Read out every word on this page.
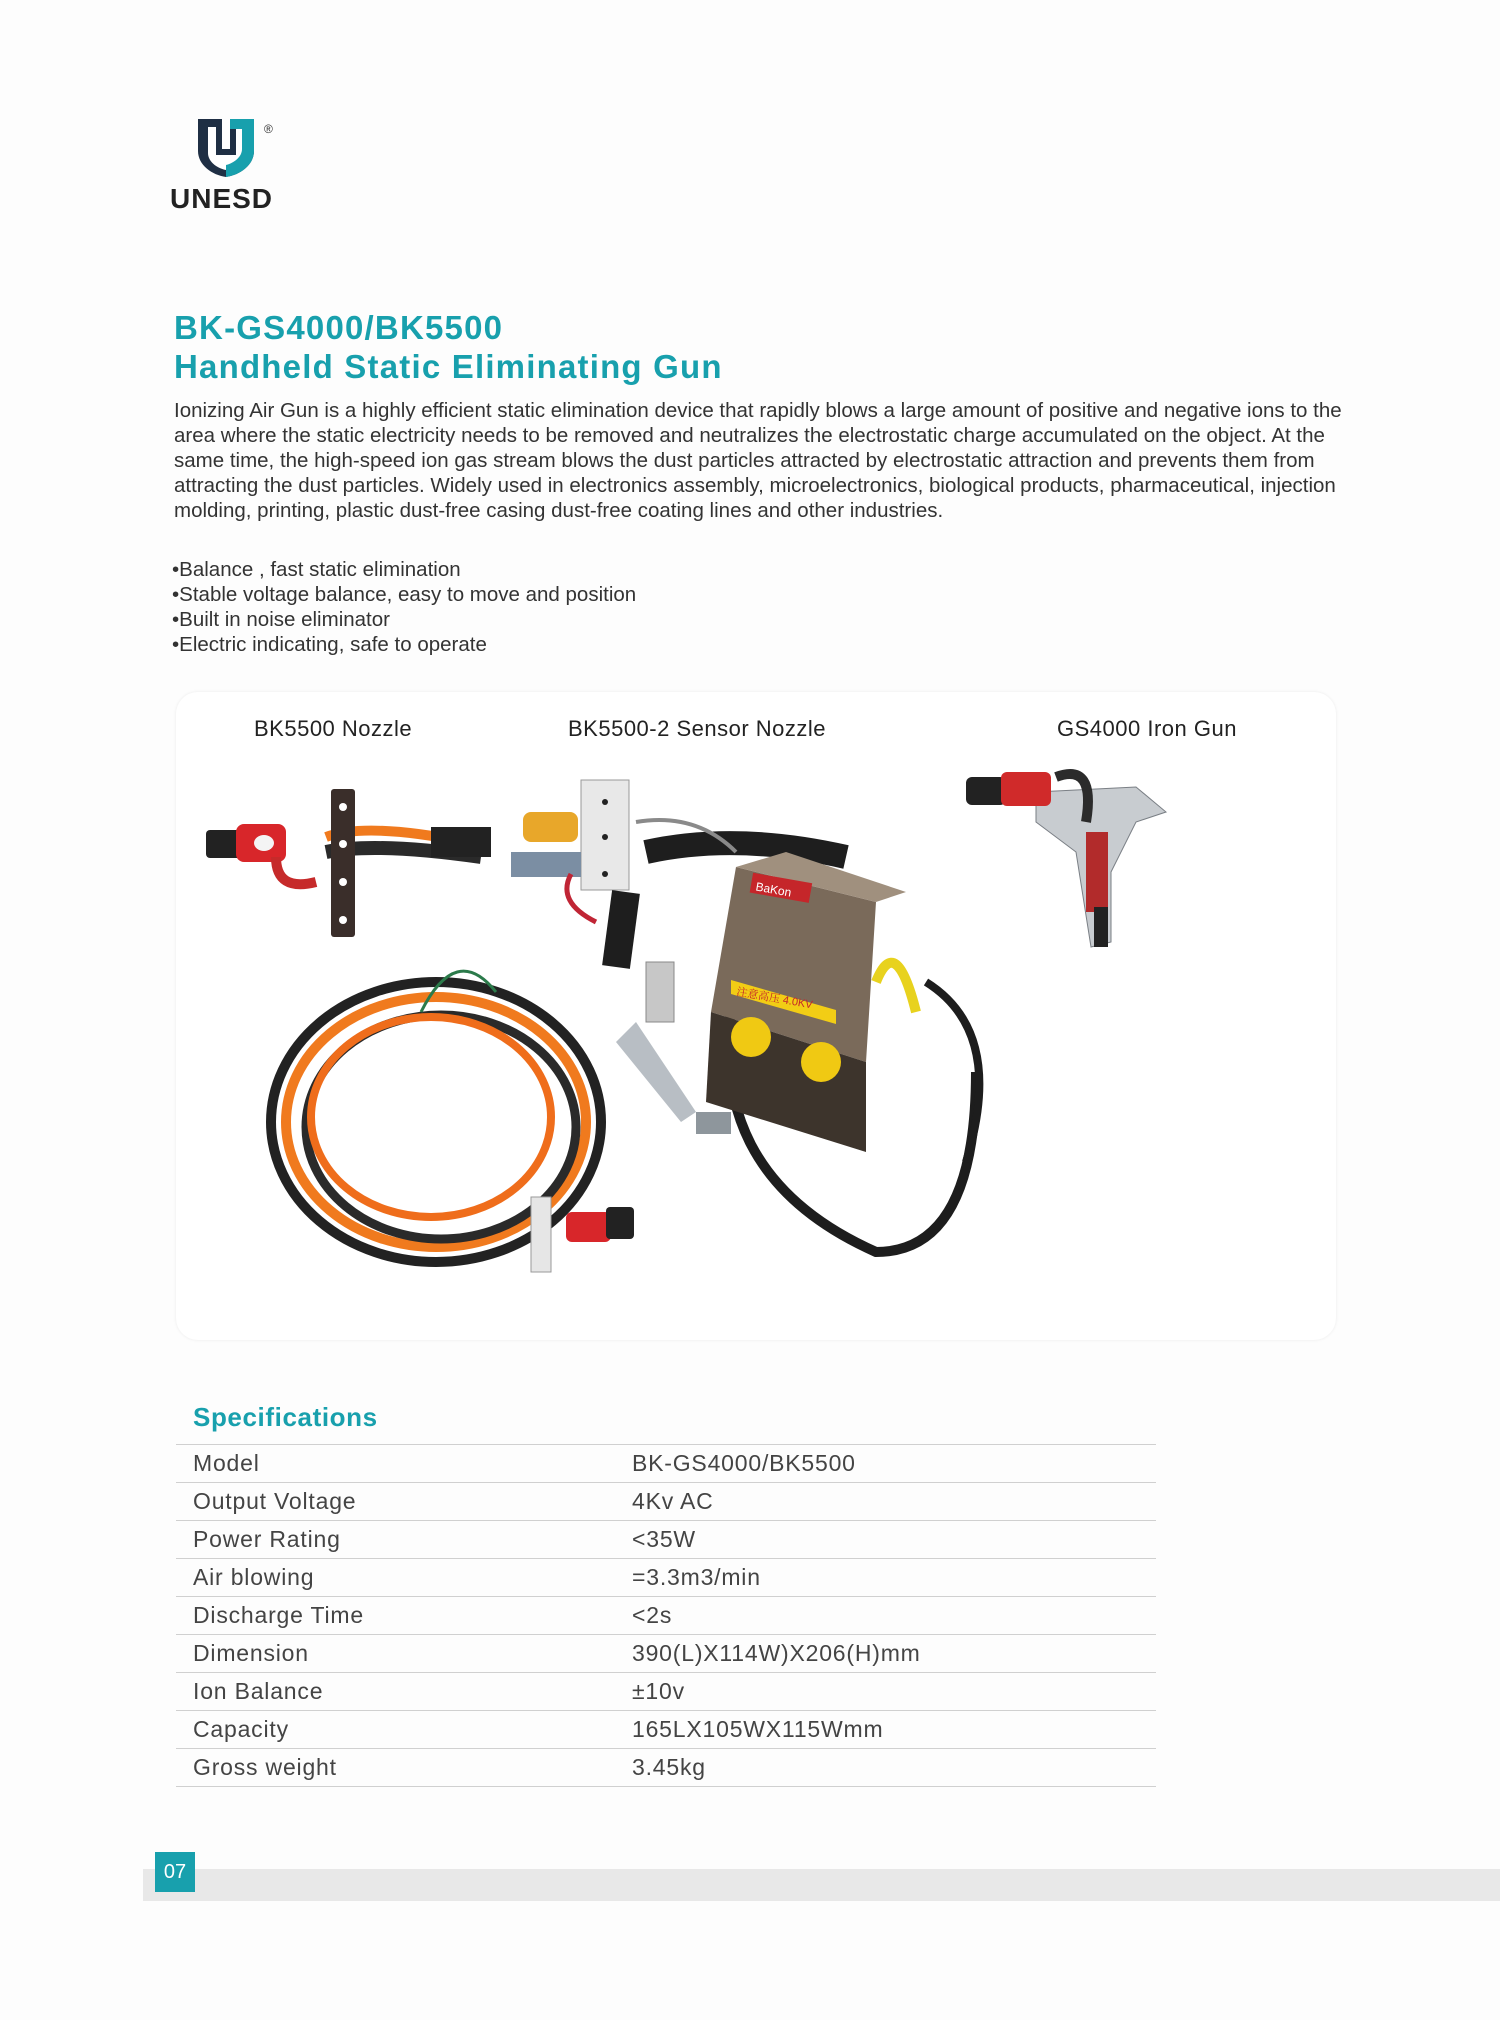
®
UNESD
BK-GS4000/BK5500
Handheld Static Eliminating Gun
Ionizing Air Gun is a highly efficient static elimination device that rapidly blows a large amount of positive and negative ions to the area where the static electricity needs to be removed and neutralizes the electrostatic charge accumulated on the object. At the same time, the high-speed ion gas stream blows the dust particles attracted by electrostatic attraction and prevents them from attracting the dust particles. Widely used in electronics assembly, microelectronics, biological products, pharmaceutical, injection molding, printing, plastic dust-free casing dust-free coating lines and other industries.
•Balance , fast static elimination
•Stable voltage balance, easy to move and position
•Built in noise eliminator
•Electric indicating, safe to operate
BaKon
注意高压 4.0KV
BK5500 Nozzle	BK5500-2 Sensor Nozzle	GS4000 Iron Gun
Specifications
Model	BK-GS4000/BK5500
Output Voltage	4Kv AC
Power Rating	<35W
Air blowing	=3.3m3/min
Discharge Time	<2s
Dimension	390(L)X114W)X206(H)mm
Ion Balance	±10v
Capacity	165LX105WX115Wmm
Gross weight	3.45kg
07
